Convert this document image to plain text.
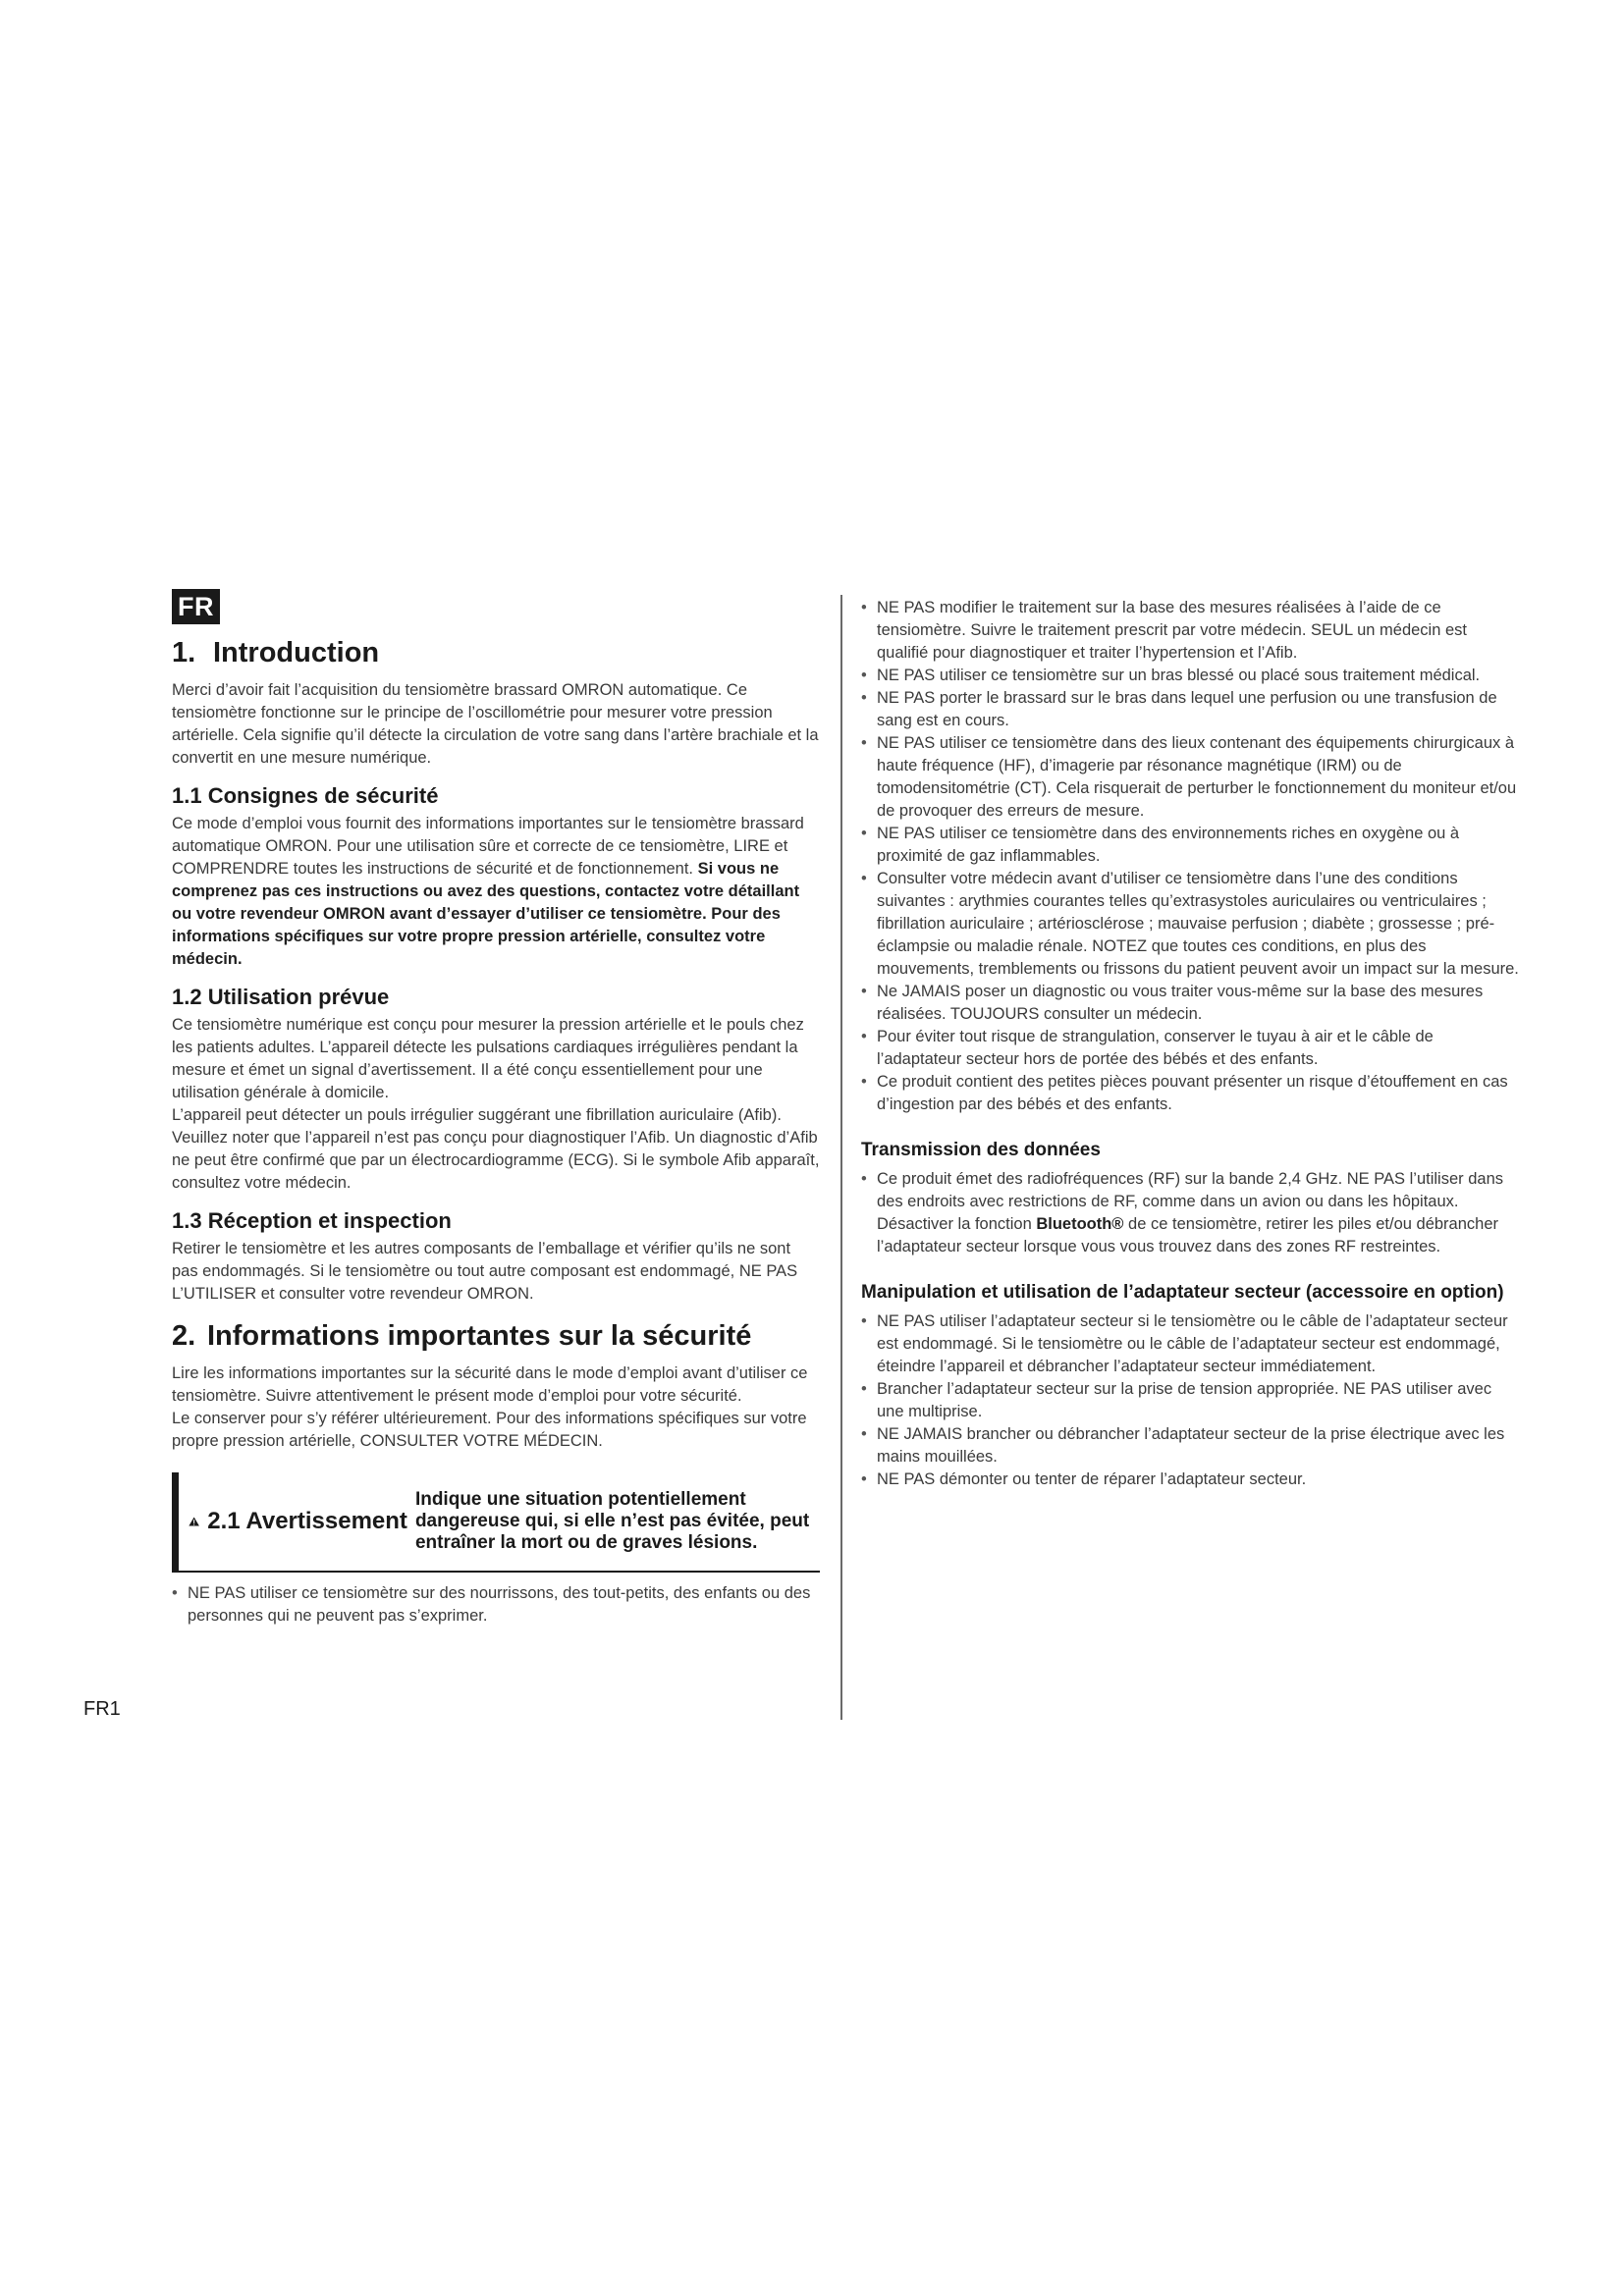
FR
1. Introduction

Merci d’avoir fait l’acquisition du tensiomètre brassard OMRON automatique. Ce tensiomètre fonctionne sur le principe de l’oscillométrie pour mesurer votre pression artérielle. Cela signifie qu’il détecte la circulation de votre sang dans l’artère brachiale et la convertit en une mesure numérique.

1.1 Consignes de sécurité

Ce mode d’emploi vous fournit des informations importantes sur le tensiomètre brassard automatique OMRON. Pour une utilisation sûre et correcte de ce tensiomètre, LIRE et COMPRENDRE toutes les instructions de sécurité et de fonctionnement. Si vous ne comprenez pas ces instructions ou avez des questions, contactez votre détaillant ou votre revendeur OMRON avant d’essayer d’utiliser ce tensiomètre. Pour des informations spécifiques sur votre propre pression artérielle, consultez votre médecin.

1.2 Utilisation prévue

Ce tensiomètre numérique est conçu pour mesurer la pression artérielle et le pouls chez les patients adultes. L’appareil détecte les pulsations cardiaques irrégulières pendant la mesure et émet un signal d’avertissement. Il a été conçu essentiellement pour une utilisation générale à domicile.

L’appareil peut détecter un pouls irrégulier suggérant une fibrillation auriculaire (Afib). Veuillez noter que l’appareil n’est pas conçu pour diagnostiquer l’Afib. Un diagnostic d’Afib ne peut être confirmé que par un électrocardiogramme (ECG). Si le symbole Afib apparaît, consultez votre médecin.

1.3 Réception et inspection

Retirer le tensiomètre et les autres composants de l’emballage et vérifier qu’ils ne sont pas endommagés. Si le tensiomètre ou tout autre composant est endommagé, NE PAS L’UTILISER et consulter votre revendeur OMRON.

2. Informations importantes sur la sécurité

Lire les informations importantes sur la sécurité dans le mode d’emploi avant d’utiliser ce tensiomètre. Suivre attentivement le présent mode d’emploi pour votre sécurité.

Le conserver pour s’y référer ultérieurement. Pour des informations spécifiques sur votre propre pression artérielle, CONSULTER VOTRE MÉDECIN.

2.1 Avertissement
Indique une situation potentiellement dangereuse qui, si elle n’est pas évitée, peut entraîner la mort ou de graves lésions.
• NE PAS utiliser ce tensiomètre sur des nourrissons, des tout-petits, des enfants ou des personnes qui ne peuvent pas s’exprimer.
• NE PAS modifier le traitement sur la base des mesures réalisées à l’aide de ce tensiomètre. Suivre le traitement prescrit par votre médecin. SEUL un médecin est qualifié pour diagnostiquer et traiter l’hypertension et l’Afib.
• NE PAS utiliser ce tensiomètre sur un bras blessé ou placé sous traitement médical.
• NE PAS porter le brassard sur le bras dans lequel une perfusion ou une transfusion de sang est en cours.
• NE PAS utiliser ce tensiomètre dans des lieux contenant des équipements chirurgicaux à haute fréquence (HF), d’imagerie par résonance magnétique (IRM) ou de tomodensitométrie (CT). Cela risquerait de perturber le fonctionnement du moniteur et/ou de provoquer des erreurs de mesure.
• NE PAS utiliser ce tensiomètre dans des environnements riches en oxygène ou à proximité de gaz inflammables.
• Consulter votre médecin avant d’utiliser ce tensiomètre dans l’une des conditions suivantes : arythmies courantes telles qu’extrasystoles auriculaires ou ventriculaires ; fibrillation auriculaire ; artériosclérose ; mauvaise perfusion ; diabète ; grossesse ; pré-éclampsie ou maladie rénale. NOTEZ que toutes ces conditions, en plus des mouvements, tremblements ou frissons du patient peuvent avoir un impact sur la mesure.
• Ne JAMAIS poser un diagnostic ou vous traiter vous-même sur la base des mesures réalisées. TOUJOURS consulter un médecin.
• Pour éviter tout risque de strangulation, conserver le tuyau à air et le câble de l’adaptateur secteur hors de portée des bébés et des enfants.
• Ce produit contient des petites pièces pouvant présenter un risque d’étouffement en cas d’ingestion par des bébés et des enfants.
Transmission des données
• Ce produit émet des radiofréquences (RF) sur la bande 2,4 GHz. NE PAS l’utiliser dans des endroits avec restrictions de RF, comme dans un avion ou dans les hôpitaux. Désactiver la fonction Bluetooth® de ce tensiomètre, retirer les piles et/ou débrancher l’adaptateur secteur lorsque vous vous trouvez dans des zones RF restreintes.
Manipulation et utilisation de l’adaptateur secteur (accessoire en option)
• NE PAS utiliser l’adaptateur secteur si le tensiomètre ou le câble de l’adaptateur secteur est endommagé. Si le tensiomètre ou le câble de l’adaptateur secteur est endommagé, éteindre l’appareil et débrancher l’adaptateur secteur immédiatement.
• Brancher l’adaptateur secteur sur la prise de tension appropriée. NE PAS utiliser avec une multiprise.
• NE JAMAIS brancher ou débrancher l’adaptateur secteur de la prise électrique avec les mains mouillées.
• NE PAS démonter ou tenter de réparer l’adaptateur secteur.
FR1
